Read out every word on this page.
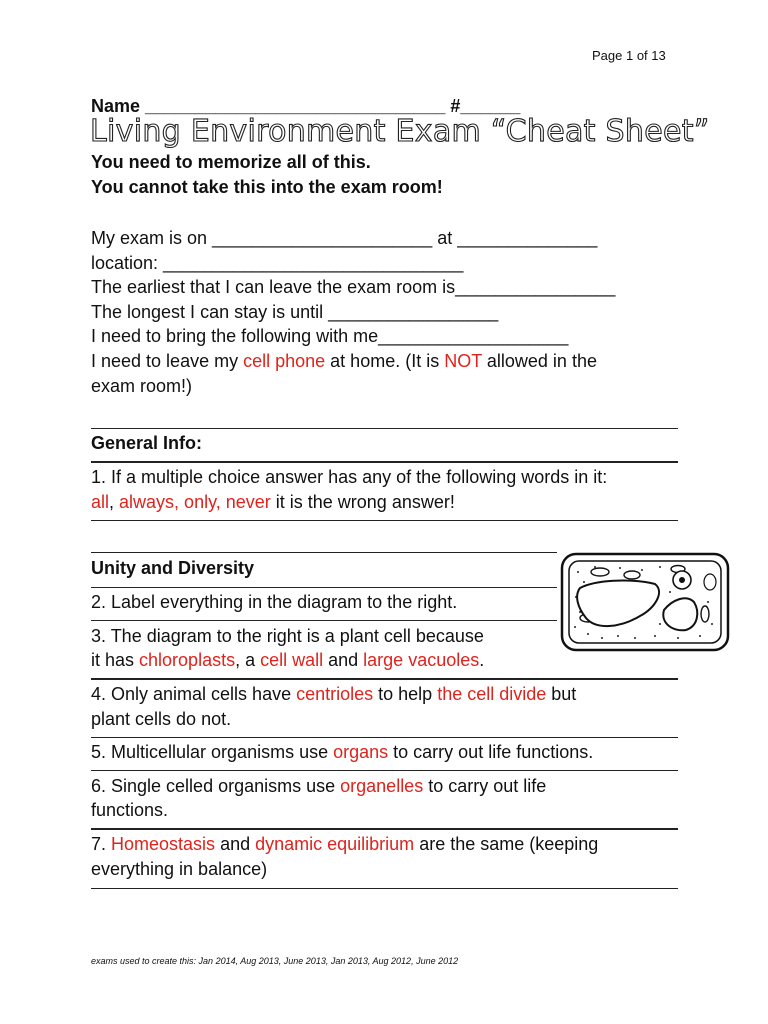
Page 1 of 13
Name ______________________________ #______
Living Environment Exam “Cheat Sheet”
You need to memorize all of this.
You cannot take this into the exam room!
My exam is on ______________________ at ______________
location: ______________________________
The earliest that I can leave the exam room is________________
The longest I can stay is until _________________
I need to bring the following with me___________________
I need to leave my cell phone at home. (It is NOT allowed in the
exam room!)
General Info:
1. If a multiple choice answer has any of the following words in it:
all, always, only, never it is the wrong answer!
Unity and Diversity
2. Label everything in the diagram to the right.
3. The diagram to the right is a plant cell because
it has chloroplasts, a cell wall and large vacuoles.
4. Only animal cells have centrioles to help the cell divide but
plant cells do not.
5. Multicellular organisms use organs to carry out life functions.
6. Single celled organisms use organelles to carry out life
functions.
7. Homeostasis and dynamic equilibrium are the same (keeping
everything in balance)
exams used to create this: Jan 2014, Aug 2013, June 2013, Jan 2013, Aug 2012, June 2012
